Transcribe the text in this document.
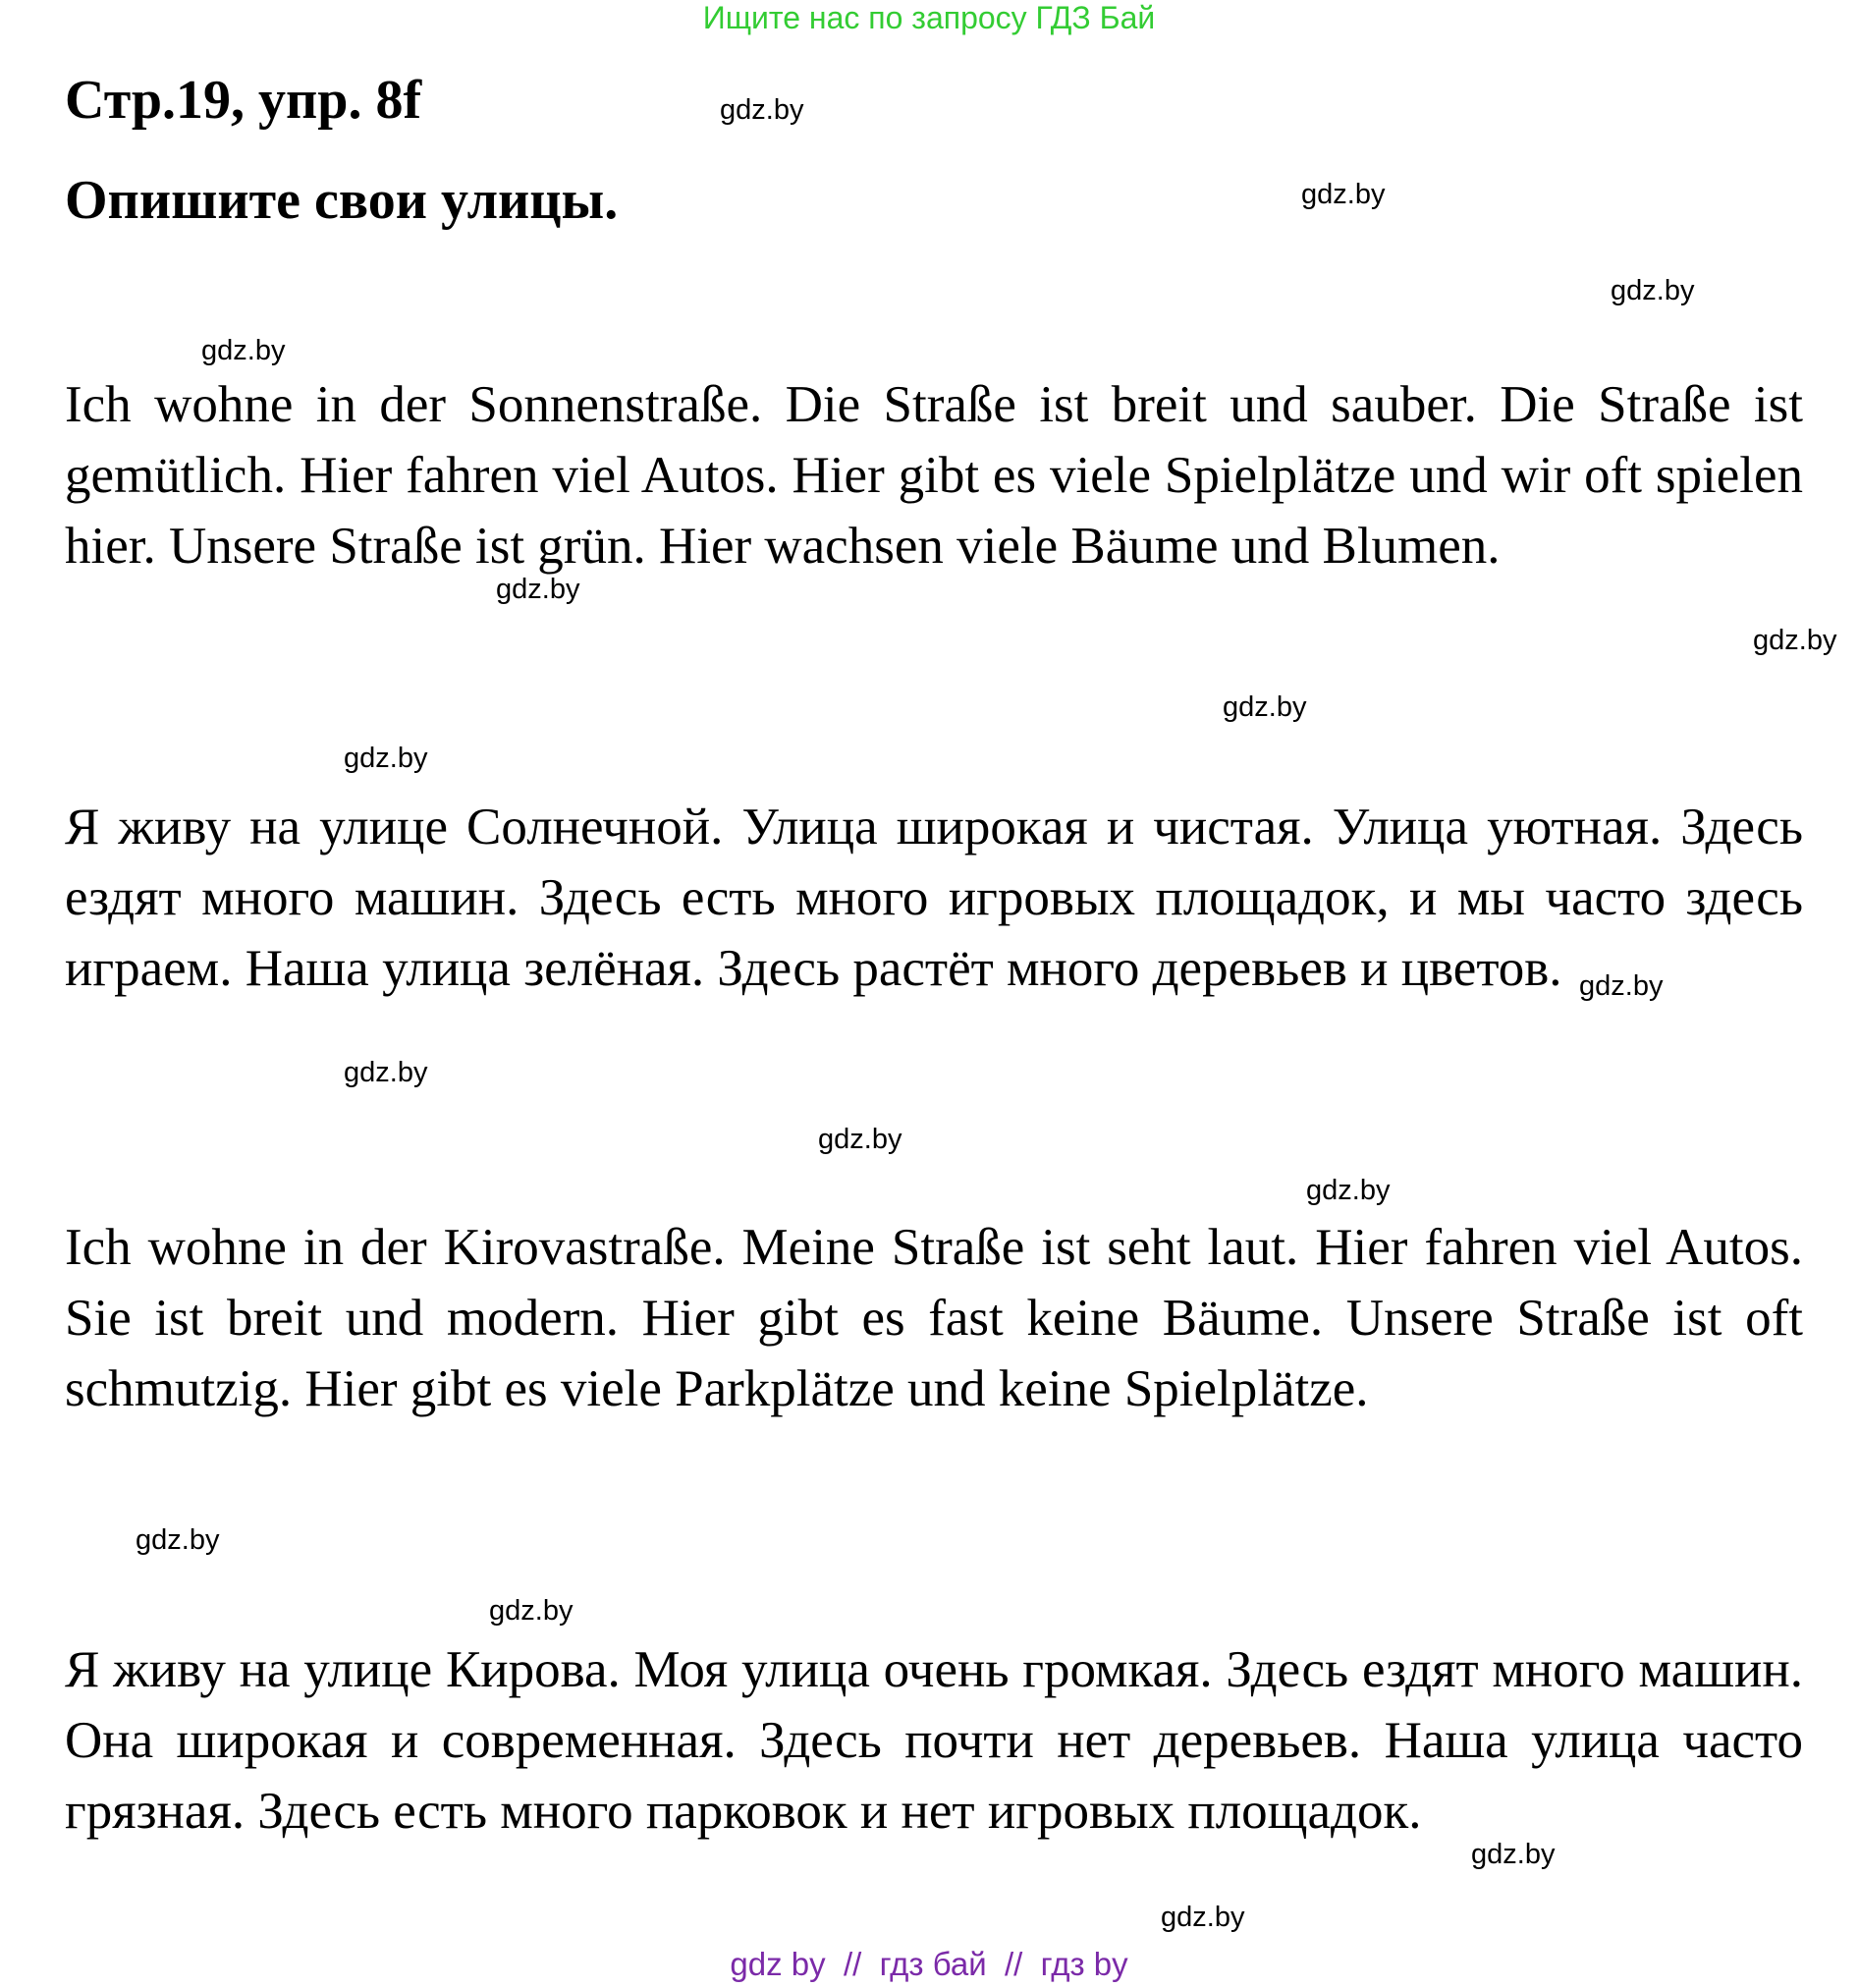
Ищите нас по запросу ГДЗ Бай
Стр.19, упр. 8f
Опишите свои улицы.
Ich wohne in der Sonnenstraße. Die Straße ist breit und sauber. Die Straße ist gemütlich. Hier fahren viel Autos. Hier gibt es viele Spielplätze und wir oft spielen hier. Unsere Straße ist grün. Hier wachsen viele Bäume und Blumen.
Я живу на улице Солнечной. Улица широкая и чистая. Улица уютная. Здесь ездят много машин. Здесь есть много игровых площадок, и мы часто здесь играем. Наша улица зелёная. Здесь растёт много деревьев и цветов.
Ich wohne in der Kirovastraße. Meine Straße ist seht laut. Hier fahren viel Autos. Sie ist breit und modern. Hier gibt es fast keine Bäume. Unsere Straße ist oft schmutzig. Hier gibt es viele Parkplätze und keine Spielplätze.
Я живу на улице Кирова. Моя улица очень громкая. Здесь ездят много машин. Она широкая и современная. Здесь почти нет деревьев. Наша улица часто грязная. Здесь есть много парковок и нет игровых площадок.
gdz.by
gdz.by
gdz.by
gdz.by
gdz.by
gdz.by
gdz.by
gdz.by
gdz.by
gdz.by
gdz.by
gdz.by
gdz.by
gdz.by
gdz.by
gdz.by
gdz by  //  гдз бай  //  гдз by
